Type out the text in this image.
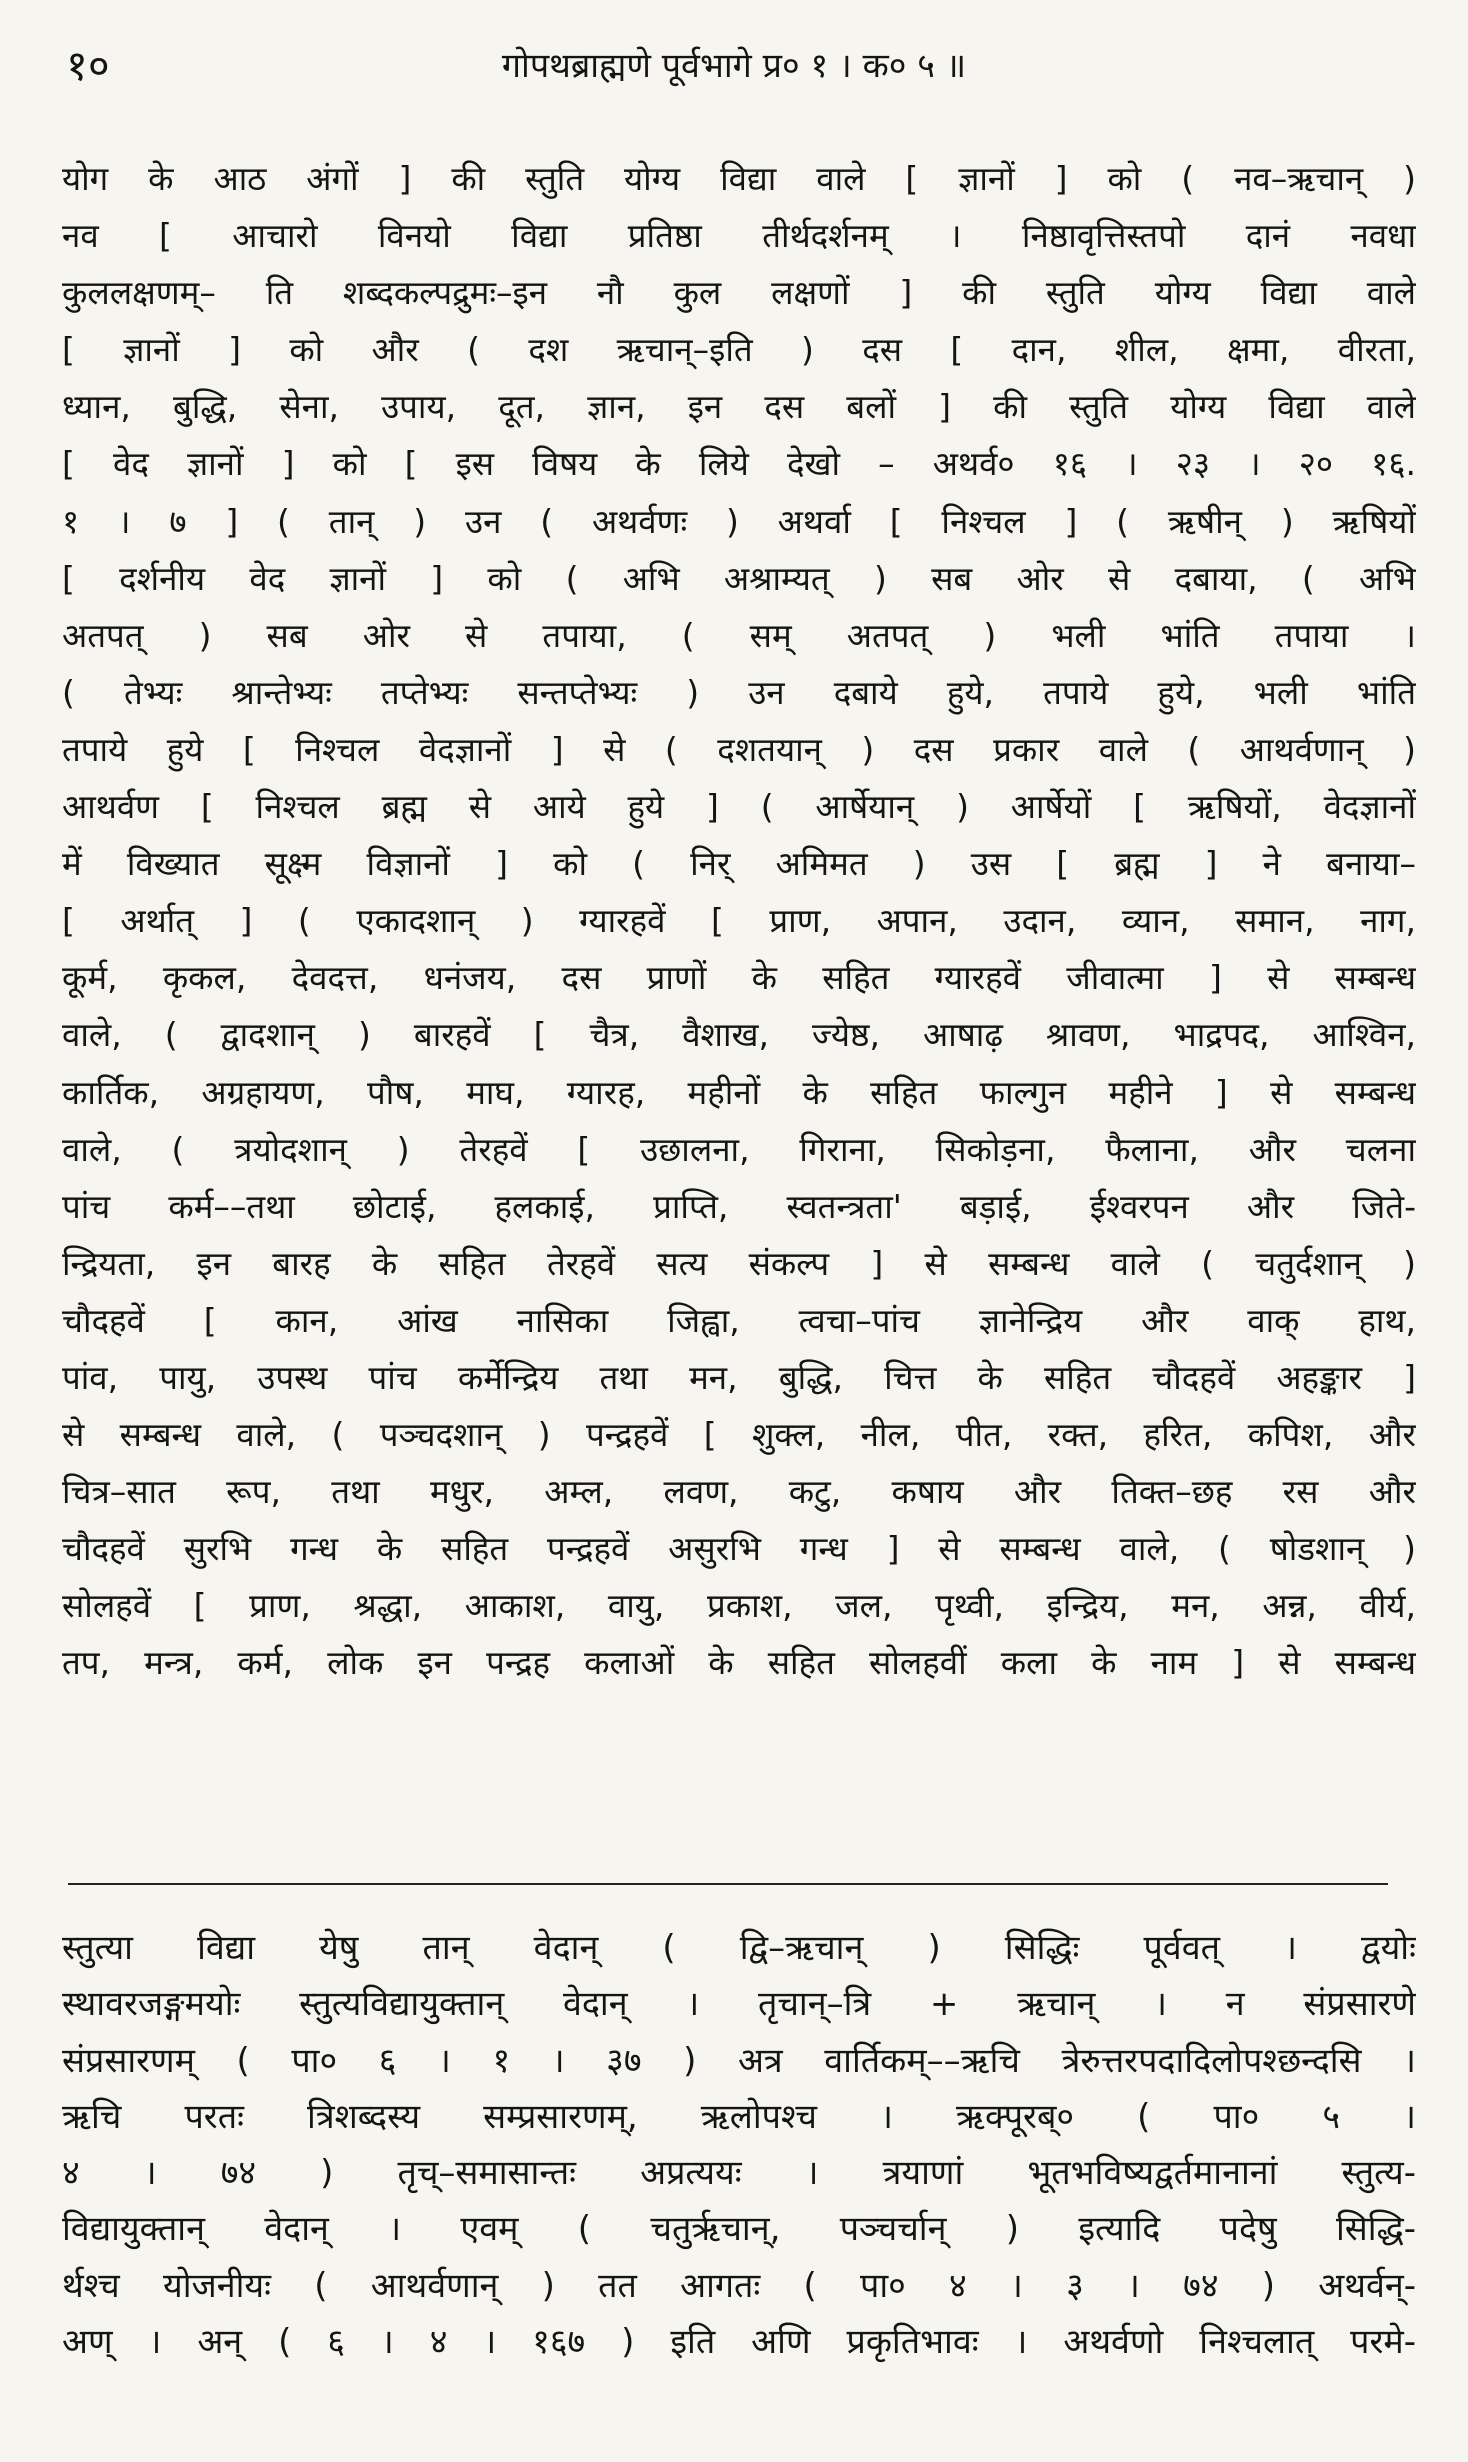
१०	गोपथब्राह्मणे पूर्वभागे प्र० १ । क० ५ ॥
योग के आठ अंगों ] की स्तुति योग्य विद्या वाले [ ज्ञानों ] को ( नव–ऋचान् )
नव [ आचारो विनयो विद्या प्रतिष्ठा तीर्थदर्शनम् । निष्ठावृत्तिस्तपो दानं नवधा
कुललक्षणम्– ति शब्दकल्पद्रुमः–इन नौ कुल लक्षणों ] की स्तुति योग्य विद्या वाले
[ ज्ञानों ] को और ( दश ऋचान्–इति ) दस [ दान, शील, क्षमा, वीरता,
ध्यान, बुद्धि, सेना, उपाय, दूत, ज्ञान, इन दस बलों ] की स्तुति योग्य विद्या वाले
[ वेद ज्ञानों ] को [ इस विषय के लिये देखो – अथर्व० १६ । २३ । २० १६.
१ । ७ ] ( तान् ) उन ( अथर्वणः ) अथर्वा [ निश्चल ] ( ऋषीन् ) ऋषियों
[ दर्शनीय वेद ज्ञानों ] को ( अभि अश्राम्यत् ) सब ओर से दबाया, ( अभि
अतपत् ) सब ओर से तपाया, ( सम् अतपत् ) भली भांति तपाया ।
( तेभ्यः श्रान्तेभ्यः तप्तेभ्यः सन्तप्तेभ्यः ) उन दबाये हुये, तपाये हुये, भली भांति
तपाये हुये [ निश्चल वेदज्ञानों ] से ( दशतयान् ) दस प्रकार वाले ( आथर्वणान् )
आथर्वण [ निश्चल ब्रह्म से आये हुये ] ( आर्षेयान् ) आर्षेयों [ ऋषियों, वेदज्ञानों
में विख्यात सूक्ष्म विज्ञानों ] को ( निर् अमिमत ) उस [ ब्रह्म ] ने बनाया–
[ अर्थात् ] ( एकादशान् ) ग्यारहवें [ प्राण, अपान, उदान, व्यान, समान, नाग,
कूर्म, कृकल, देवदत्त, धनंजय, दस प्राणों के सहित ग्यारहवें जीवात्मा ] से सम्बन्ध
वाले, ( द्वादशान् ) बारहवें [ चैत्र, वैशाख, ज्येष्ठ, आषाढ़ श्रावण, भाद्रपद, आश्विन,
कार्तिक, अग्रहायण, पौष, माघ, ग्यारह, महीनों के सहित फाल्गुन महीने ] से सम्बन्ध
वाले, ( त्रयोदशान् ) तेरहवें [ उछालना, गिराना, सिकोड़ना, फैलाना, और चलना
पांच कर्म––तथा छोटाई, हलकाई, प्राप्ति, स्वतन्त्रता' बड़ाई, ईश्वरपन और जिते-
न्द्रियता, इन बारह के सहित तेरहवें सत्य संकल्प ] से सम्बन्ध वाले ( चतुर्दशान् )
चौदहवें [ कान, आंख नासिका जिह्वा, त्वचा–पांच ज्ञानेन्द्रिय और वाक् हाथ,
पांव, पायु, उपस्थ पांच कर्मेन्द्रिय तथा मन, बुद्धि, चित्त के सहित चौदहवें अहङ्कार ]
से सम्बन्ध वाले, ( पञ्चदशान् ) पन्द्रहवें [ शुक्ल, नील, पीत, रक्त, हरित, कपिश, और
चित्र–सात रूप, तथा मधुर, अम्ल, लवण, कटु, कषाय और तिक्त–छह रस और
चौदहवें सुरभि गन्ध के सहित पन्द्रहवें असुरभि गन्ध ] से सम्बन्ध वाले, ( षोडशान् )
सोलहवें [ प्राण, श्रद्धा, आकाश, वायु, प्रकाश, जल, पृथ्वी, इन्द्रिय, मन, अन्न, वीर्य,
तप, मन्त्र, कर्म, लोक इन पन्द्रह कलाओं के सहित सोलहवीं कला के नाम ] से सम्बन्ध
स्तुत्या विद्या येषु तान् वेदान् ( द्वि–ऋचान् ) सिद्धिः पूर्ववत् । द्वयोः
स्थावरजङ्गमयोः स्तुत्यविद्यायुक्तान् वेदान् । तृचान्–त्रि + ऋचान् । न संप्रसारणे
संप्रसारणम् ( पा० ६ । १ । ३७ ) अत्र वार्तिकम्––ऋचि त्रेरुत्तरपदादिलोपश्छन्दसि ।
ऋचि परतः त्रिशब्दस्य सम्प्रसारणम्, ऋलोपश्च । ऋक्पूरब्० ( पा० ५ ।
४ । ७४ ) तृच्–समासान्तः अप्रत्ययः । त्रयाणां भूतभविष्यद्वर्तमानानां स्तुत्य-
विद्यायुक्तान् वेदान् । एवम् ( चतुर्ऋचान्, पञ्चर्चान् ) इत्यादि पदेषु सिद्धि-
र्थश्च योजनीयः ( आथर्वणान् ) तत आगतः ( पा० ४ । ३ । ७४ ) अथर्वन्-
अण् । अन् ( ६ । ४ । १६७ ) इति अणि प्रकृतिभावः । अथर्वणो निश्चलात् परमे-
